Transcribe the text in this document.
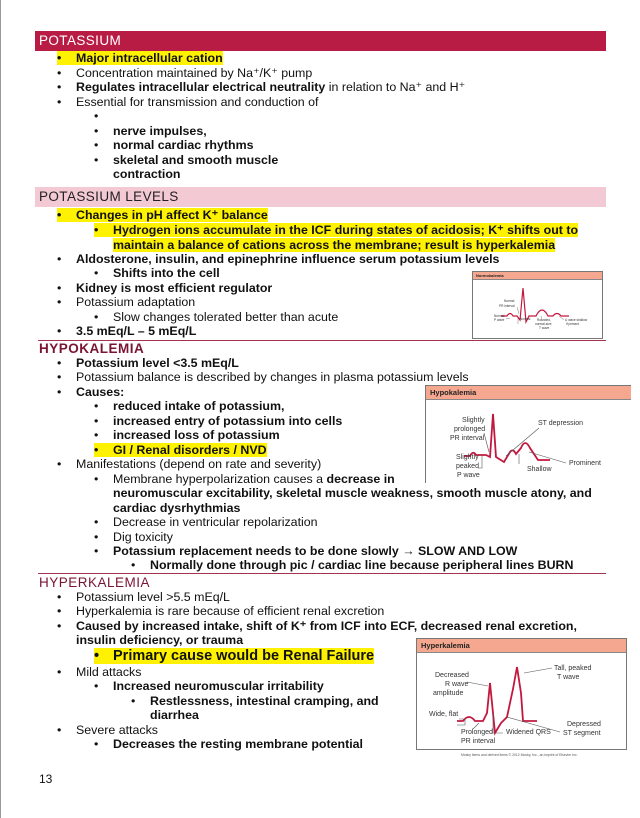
POTASSIUM
• Major intracellular cation
• Concentration maintained by Na⁺/K⁺ pump
• Regulates intracellular electrical neutrality in relation to Na⁺ and H⁺
• Essential for transmission and conduction of
•
• nerve impulses,
• normal cardiac rhythms
• skeletal and smooth muscle
contraction
POTASSIUM LEVELS
• Changes in pH affect K⁺ balance
• Hydrogen ions accumulate in the ICF during states of acidosis; K⁺ shifts out to
maintain a balance of cations across the membrane; result is hyperkalemia
• Aldosterone, insulin, and epinephrine influence serum potassium levels
• Shifts into the cell
• Kidney is most efficient regulator
• Potassium adaptation
• Slow changes tolerated better than acute
• 3.5 mEq/L – 5 mEq/L
Normokalemia
Normal
PR interval
Normal
P wave	Normal Rounded,
normal-size
T wave
U wave shallow
if present
HYPOKALEMIA
• Potassium level <3.5 mEq/L
• Potassium balance is described by changes in plasma potassium levels
• Causes:
• reduced intake of potassium,
• increased entry of potassium into cells
• increased loss of potassium
• GI / Renal disorders / NVD
• Manifestations (depend on rate and severity)
• Membrane hyperpolarization causes a decrease in
neuromuscular excitability, skeletal muscle weakness, smooth muscle atony, and
cardiac dysrhythmias
• Decrease in ventricular repolarization
• Dig toxicity
• Potassium replacement needs to be done slowly → SLOW AND LOW
• Normally done through pic / cardiac line because peripheral lines BURN
Hypokalemia
Slightly
prolonged
PR interval
ST depression
Slightly
peaked
P wave
Shallow
Prominent
HYPERKALEMIA
• Potassium level >5.5 mEq/L
• Hyperkalemia is rare because of efficient renal excretion
• Caused by increased intake, shift of K⁺ from ICF into ECF, decreased renal excretion,
insulin deficiency, or trauma
• Primary cause would be Renal Failure
• Mild attacks
• Increased neuromuscular irritability
• Restlessness, intestinal cramping, and
diarrhea
• Severe attacks
• Decreases the resting membrane potential
Hyperkalemia
Decreased
R wave
amplitude
Tall, peaked
T wave
Wide, flat
Depressed
ST segment
Prolonged
PR interval
Widened QRS
Mosby items and derived items © 2012 Mosby, Inc., an imprint of Elsevier Inc.
13
